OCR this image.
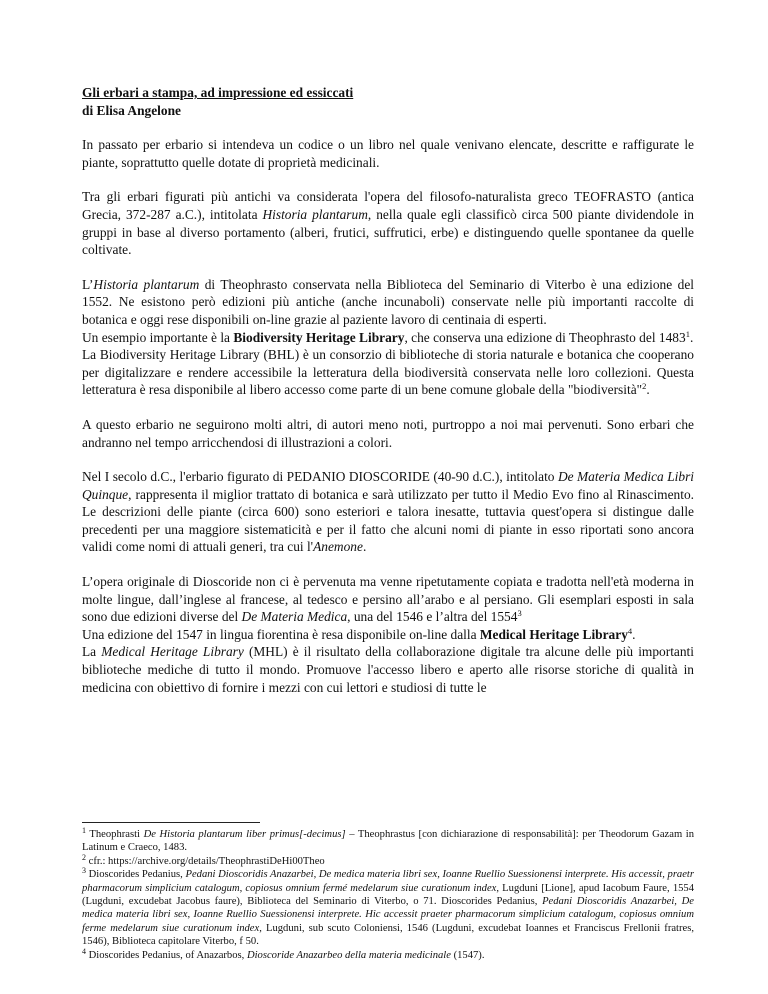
Gli erbari a stampa, ad impressione ed essiccati
di Elisa Angelone

In passato per erbario si intendeva un codice o un libro nel quale venivano elencate, descritte e raffigurate le piante, soprattutto quelle dotate di proprietà medicinali.

Tra gli erbari figurati più antichi va considerata l'opera del filosofo-naturalista greco TEOFRASTO (antica Grecia, 372-287 a.C.), intitolata Historia plantarum, nella quale egli classificò circa 500 piante dividendole in gruppi in base al diverso portamento (alberi, frutici, suffrutici, erbe) e distinguendo quelle spontanee da quelle coltivate.

L’Historia plantarum di Theophrasto conservata nella Biblioteca del Seminario di Viterbo è una edizione del 1552. Ne esistono però edizioni più antiche (anche incunaboli) conservate nelle più importanti raccolte di botanica e oggi rese disponibili on-line grazie al paziente lavoro di centinaia di esperti.

Un esempio importante è la Biodiversity Heritage Library, che conserva una edizione di Theophrasto del 1483$^1$.

La Biodiversity Heritage Library (BHL) è un consorzio di biblioteche di storia naturale e botanica che cooperano per digitalizzare e rendere accessibile la letteratura della biodiversità conservata nelle loro collezioni. Questa letteratura è resa disponibile al libero accesso come parte di un bene comune globale della "biodiversità"$^2$.

A questo erbario ne seguirono molti altri, di autori meno noti, purtroppo a noi mai pervenuti. Sono erbari che andranno nel tempo arricchendosi di illustrazioni a colori.

Nel I secolo d.C., l'erbario figurato di PEDANIO DIOSCORIDE (40-90 d.C.), intitolato De Materia Medica Libri Quinque, rappresenta il miglior trattato di botanica e sarà utilizzato per tutto il Medio Evo fino al Rinascimento. Le descrizioni delle piante (circa 600) sono esteriori e talora inesatte, tuttavia quest'opera si distingue dalle precedenti per una maggiore sistematicità e per il fatto che alcuni nomi di piante in esso riportati sono ancora validi come nomi di attuali generi, tra cui l'Anemone.

L’opera originale di Dioscoride non ci è pervenuta ma venne ripetutamente copiata e tradotta nell'età moderna in molte lingue, dall’inglese al francese, al tedesco e persino all’arabo e al persiano. Gli esemplari esposti in sala sono due edizioni diverse del De Materia Medica, una del 1546 e l’altra del 1554$^3$

Una edizione del 1547 in lingua fiorentina è resa disponibile on-line dalla Medical Heritage Library$^4$.

La Medical Heritage Library (MHL) è il risultato della collaborazione digitale tra alcune delle più importanti biblioteche mediche di tutto il mondo. Promuove l'accesso libero e aperto alle risorse storiche di qualità in medicina con obiettivo di fornire i mezzi con cui lettori e studiosi di tutte le

$^1$ Theophrasti De Historia plantarum liber primus[-decimus] – Theophrastus [con dichiarazione di responsabilità]: per Theodorum Gazam in Latinum e Craeco, 1483.

$^2$ cfr.: https://archive.org/details/TheophrastiDeHi00Theo

$^3$ Dioscorides Pedanius, Pedani Dioscoridis Anazarbei, De medica materia libri sex, Ioanne Ruellio Suessionensi interprete. His accessit, praetr pharmacorum simplicium catalogum, copiosus omnium fermé medelarum siue curationum index, Lugduni [Lione], apud Iacobum Faure, 1554 (Lugduni, excudebat Jacobus faure), Biblioteca del Seminario di Viterbo, o 71. Dioscorides Pedanius, Pedani Dioscoridis Anazarbei, De medica materia libri sex, Ioanne Ruellio Suessionensi interprete. Hic accessit praeter pharmacorum simplicium catalogum, copiosus omnium ferme medelarum siue curationum index, Lugduni, sub scuto Coloniensi, 1546 (Lugduni, excudebat Ioannes et Franciscus Frellonii fratres, 1546), Biblioteca capitolare Viterbo, f 50.

$^4$ Dioscorides Pedanius, of Anazarbos, Dioscoride Anazarbeo della materia medicinale (1547).
